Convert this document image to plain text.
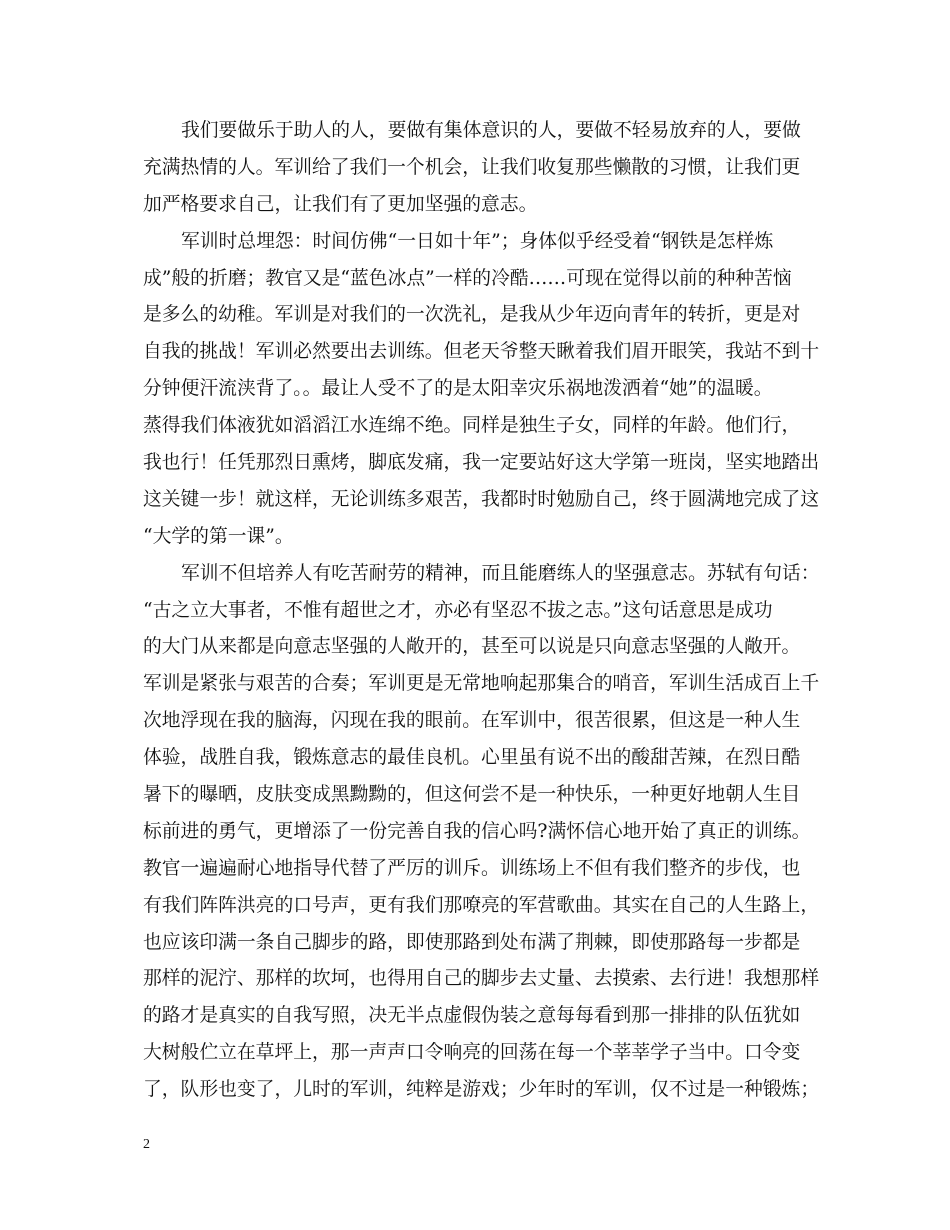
我们要做乐于助人的人，要做有集体意识的人，要做不轻易放弃的人，要做
充满热情的人。军训给了我们一个机会，让我们收复那些懒散的习惯，让我们更
加严格要求自己，让我们有了更加坚强的意志。
军训时总埋怨：时间仿佛“一日如十年”；身体似乎经受着“钢铁是怎样炼
成”般的折磨；教官又是“蓝色冰点”一样的冷酷……可现在觉得以前的种种苦恼
是多么的幼稚。军训是对我们的一次洗礼，是我从少年迈向青年的转折，更是对
自我的挑战！军训必然要出去训练。但老天爷整天瞅着我们眉开眼笑，我站不到十
分钟便汗流浃背了。。最让人受不了的是太阳幸灾乐祸地泼洒着“她”的温暖。
蒸得我们体液犹如滔滔江水连绵不绝。同样是独生子女，同样的年龄。他们行，
我也行！任凭那烈日熏烤，脚底发痛，我一定要站好这大学第一班岗，坚实地踏出
这关键一步！就这样，无论训练多艰苦，我都时时勉励自己，终于圆满地完成了这
“大学的第一课”。
军训不但培养人有吃苦耐劳的精神，而且能磨练人的坚强意志。苏轼有句话：
“古之立大事者，不惟有超世之才，亦必有坚忍不拔之志。”这句话意思是成功
的大门从来都是向意志坚强的人敞开的，甚至可以说是只向意志坚强的人敞开。
军训是紧张与艰苦的合奏；军训更是无常地响起那集合的哨音，军训生活成百上千
次地浮现在我的脑海，闪现在我的眼前。在军训中，很苦很累，但这是一种人生
体验，战胜自我，锻炼意志的最佳良机。心里虽有说不出的酸甜苦辣，在烈日酷
暑下的曝晒，皮肤变成黑黝黝的，但这何尝不是一种快乐，一种更好地朝人生目
标前进的勇气，更增添了一份完善自我的信心吗?满怀信心地开始了真正的训练。
教官一遍遍耐心地指导代替了严厉的训斥。训练场上不但有我们整齐的步伐，也
有我们阵阵洪亮的口号声，更有我们那嘹亮的军营歌曲。其实在自己的人生路上，
也应该印满一条自己脚步的路，即使那路到处布满了荆棘，即使那路每一步都是
那样的泥泞、那样的坎坷，也得用自己的脚步去丈量、去摸索、去行进！我想那样
的路才是真实的自我写照，决无半点虚假伪装之意每每看到那一排排的队伍犹如
大树般伫立在草坪上，那一声声口令响亮的回荡在每一个莘莘学子当中。口令变
了，队形也变了，儿时的军训，纯粹是游戏；少年时的军训，仅不过是一种锻炼；
2
